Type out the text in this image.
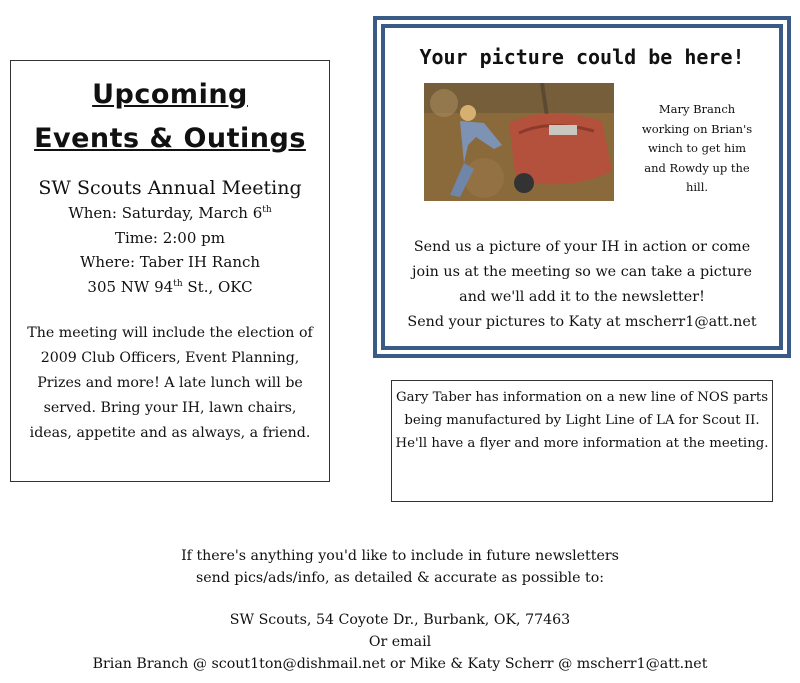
Upcoming
Events & Outings
SW Scouts Annual Meeting
When: Saturday, March 6th
Time: 2:00 pm
Where: Taber IH Ranch
305 NW 94th St., OKC
The meeting will include the election of 2009 Club Officers, Event Planning, Prizes and more! A late lunch will be served. Bring your IH, lawn chairs, ideas, appetite and as always, a friend.
Your picture could be here!
Mary Branch working on Brian's winch to get him and Rowdy up the hill.
Send us a picture of your IH in action or come
join us at the meeting so we can take a picture
and we'll add it to the newsletter!
Send your pictures to Katy at mscherr1@att.net
Gary Taber has information on a new line of NOS parts being manufactured by Light Line of LA for Scout II. He'll have a flyer and more information at the meeting.
If there's anything you'd like to include in future newsletters
send pics/ads/info, as detailed & accurate as possible to:
SW Scouts, 54 Coyote Dr., Burbank, OK, 77463
Or email
Brian Branch @ scout1ton@dishmail.net or Mike & Katy Scherr @ mscherr1@att.net
